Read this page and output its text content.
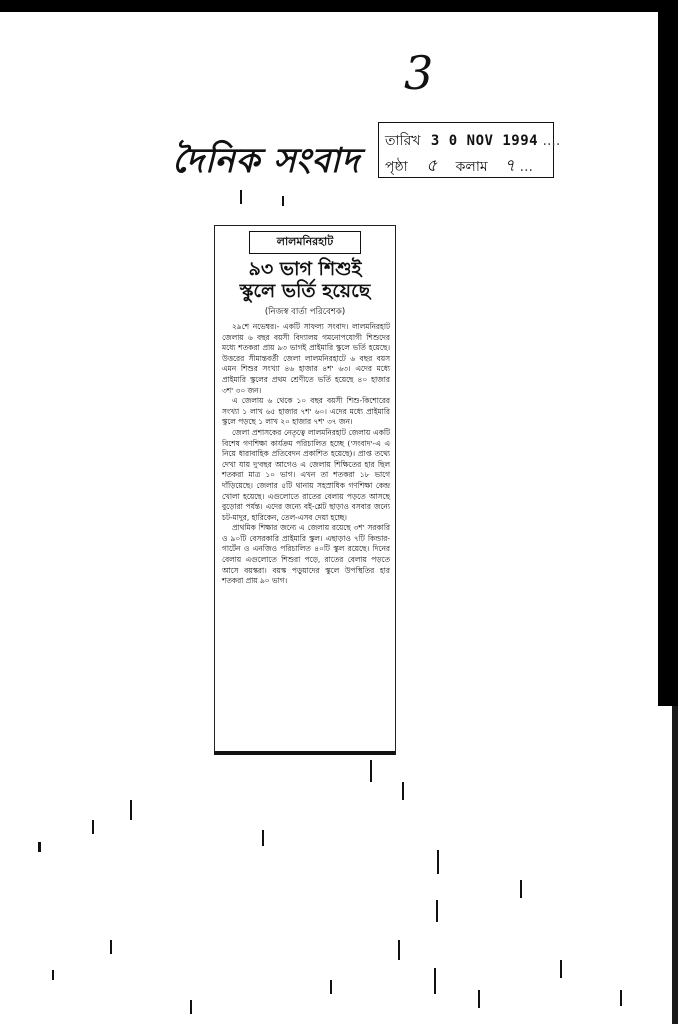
3
দৈনিক সংবাদ তারিখ 3 0 NOV 1994 ....
পৃষ্ঠা ৫ কলাম ৭ ...
লালমনিরহাট
৯৩ ভাগ শিশুই
স্কুলে ভর্তি হয়েছে
(নিজস্ব বার্তা পরিবেশক)

২৯শে নভেম্বর।- একটি সাফল্য সংবাদ। লালমনিরহাট জেলায় ৬ বছর বয়সী বিদ্যালয় গমনোপযোগী শিশুদের মধ্যে শতকরা প্রায় ৯৩ ভাগই প্রাইমারি স্কুলে ভর্তি হয়েছে। উত্তরের সীমান্তবর্তী জেলা লালমনিরহাটে ৬ বছর বয়স এমন শিশুর সংখ্যা ৪৬ হাজার ৪শ' ৬৩। এদের মধ্যে প্রাইমারি স্কুলের প্রথম শ্রেণীতে ভর্তি হয়েছে ৪০ হাজার ৩শ' ৩০ জন।

এ জেলায় ৬ থেকে ১০ বছর বয়সী শিশু-কিশোরের সংখ্যা ১ লাখ ৬৫ হাজার ৭শ' ৬০। এদের মধ্যে প্রাইমারি স্কুলে পড়ছে ১ লাখ ২০ হাজার ৭শ' ৩৭ জন।

জেলা প্রশাসকের নেতৃত্বে লালমনিরহাট জেলায় একটি বিশেষ গণশিক্ষা কার্যক্রম পরিচালিত হচ্ছে ('সংবাদ'-এ এ নিয়ে ধারাবাহিক প্রতিবেদন প্রকাশিত হয়েছে)। প্রাপ্ত তথ্যে দেখা যায় দু'বছর আগেও এ জেলায় শিক্ষিতের হার ছিল শতকরা মাত্র ১০ ভাগ। এখন তা শতকরা ১৮ ভাগে দাঁড়িয়েছে। জেলার ৫টি থানায় সহস্রাধিক গণশিক্ষা কেন্দ্র খোলা হয়েছে। এগুলোতে রাতের বেলায় পড়তে আসছে বুড়োরা পর্যন্ত। এদের জন্যে বই-শ্লেট ছাড়াও বসবার জন্যে চট-মাদুর, হারিকেন, তেল-এসব দেয়া হচ্ছে।

প্রাথমিক শিক্ষার জন্যে এ জেলায় রয়েছে ৩শ' সরকারি ও ৯০টি বেসরকারি প্রাইমারি স্কুল। এছাড়াও ৭টি কিন্ডার-গার্টেন ও এনজিও পরিচালিত ৪০টি স্কুল রয়েছে। দিনের বেলায় এগুলোতে শিশুরা পড়ে, রাতের বেলায় পড়তে আসে বয়স্করা। বয়স্ক পড়ুয়াদের স্কুলে উপস্থিতির হার শতকরা প্রায় ৯০ ভাগ।
